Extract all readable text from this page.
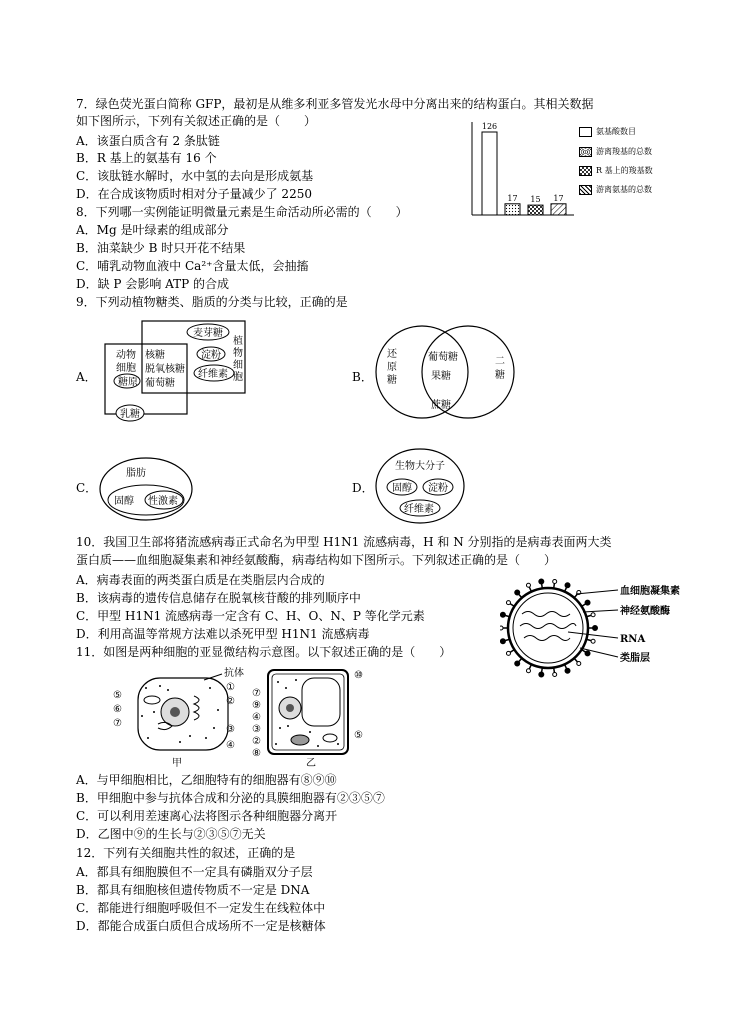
7．绿色荧光蛋白简称 GFP，最初是从维多利亚多管发光水母中分离出来的结构蛋白。其相关数据
如下图所示，下列有关叙述正确的是（　　）
A．该蛋白质含有 2 条肽链
B．R 基上的氨基有 16 个
C．该肽链水解时，水中氢的去向是形成氨基
D．在合成该物质时相对分子量减少了 2250
126
17 15 17
氨基酸数目
游离羧基的总数
R 基上的羧基数
游离氨基的总数
8．下列哪一实例能证明微量元素是生命活动所必需的（　　）
A．Mg 是叶绿素的组成部分
B．油菜缺少 B 时只开花不结果
C．哺乳动物血液中 Ca²⁺含量太低，会抽搐
D．缺 P 会影响 ATP 的合成
9．下列动植物糖类、脂质的分类与比较，正确的是
A．
动物
细胞
糖原
核糖
脱氧核糖
葡萄糖
麦芽糖
淀粉
纤维素
植
物
细
胞
乳糖
B．
还
原
糖
葡萄糖
果糖
蔗糖
二
糖
C．
脂肪
固醇 性激素
D．
生物大分子
固醇 淀粉
纤维素
10．我国卫生部将猪流感病毒正式命名为甲型 H1N1 流感病毒，H 和 N 分别指的是病毒表面两大类
蛋白质——血细胞凝集素和神经氨酸酶，病毒结构如下图所示。下列叙述正确的是（　　）
A．病毒表面的两类蛋白质是在类脂层内合成的
B．该病毒的遗传信息储存在脱氧核苷酸的排列顺序中
C．甲型 H1N1 流感病毒一定含有 C、H、O、N、P 等化学元素
D．利用高温等常规方法难以杀死甲型 H1N1 流感病毒
血细胞凝集素
神经氨酸酶
RNA
类脂层
11．如图是两种细胞的亚显微结构示意图。以下叙述正确的是（　　）
抗体
⑤
⑥
⑦
①
②
③
④
甲
⑦
⑨
④
③
②
⑧
⑩
⑤
乙
A．与甲细胞相比，乙细胞特有的细胞器有⑧⑨⑩
B．甲细胞中参与抗体合成和分泌的具膜细胞器有②③⑤⑦
C．可以利用差速离心法将图示各种细胞器分离开
D．乙图中⑨的生长与②③⑤⑦无关
12．下列有关细胞共性的叙述，正确的是
A．都具有细胞膜但不一定具有磷脂双分子层
B．都具有细胞核但遗传物质不一定是 DNA
C．都能进行细胞呼吸但不一定发生在线粒体中
D．都能合成蛋白质但合成场所不一定是核糖体
